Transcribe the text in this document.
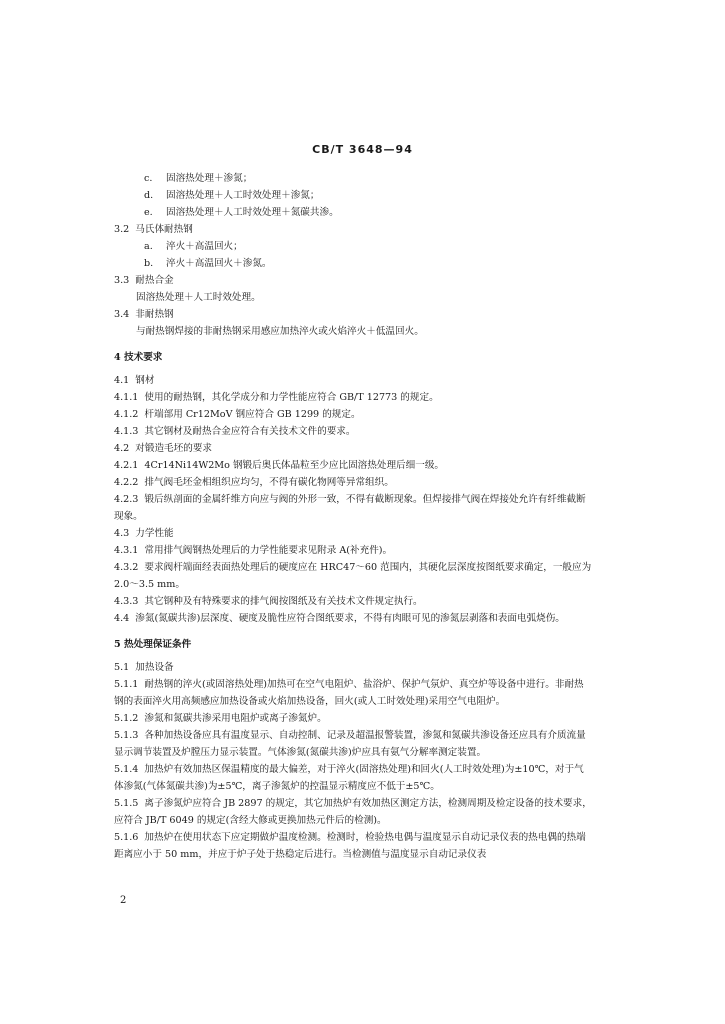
CB/T 3648—94
c. 固溶热处理＋渗氮；
d. 固溶热处理＋人工时效处理＋渗氮；
e. 固溶热处理＋人工时效处理＋氮碳共渗。
3.2 马氏体耐热钢
a. 淬火＋高温回火；
b. 淬火＋高温回火＋渗氮。
3.3 耐热合金
固溶热处理＋人工时效处理。
3.4 非耐热钢
与耐热钢焊接的非耐热钢采用感应加热淬火或火焰淬火＋低温回火。
4 技术要求
4.1 钢材
4.1.1 使用的耐热钢，其化学成分和力学性能应符合 GB/T 12773 的规定。
4.1.2 杆端部用 Cr12MoV 钢应符合 GB 1299 的规定。
4.1.3 其它钢材及耐热合金应符合有关技术文件的要求。
4.2 对锻造毛坯的要求
4.2.1 4Cr14Ni14W2Mo 钢锻后奥氏体晶粒至少应比固溶热处理后细一级。
4.2.2 排气阀毛坯金相组织应均匀，不得有碳化物网等异常组织。
4.2.3 锻后纵剖面的金属纤维方向应与阀的外形一致，不得有截断现象。但焊接排气阀在焊接处允许有纤维截断现象。
4.3 力学性能
4.3.1 常用排气阀钢热处理后的力学性能要求见附录 A(补充件)。
4.3.2 要求阀杆端面经表面热处理后的硬度应在 HRC47～60 范围内，其硬化层深度按图纸要求确定，一般应为 2.0～3.5 mm。
4.3.3 其它钢种及有特殊要求的排气阀按图纸及有关技术文件规定执行。
4.4 渗氮(氮碳共渗)层深度、硬度及脆性应符合图纸要求，不得有肉眼可见的渗氮层剥落和表面电弧烧伤。
5 热处理保证条件
5.1 加热设备
5.1.1 耐热钢的淬火(或固溶热处理)加热可在空气电阻炉、盐浴炉、保护气氛炉、真空炉等设备中进行。非耐热钢的表面淬火用高频感应加热设备或火焰加热设备，回火(或人工时效处理)采用空气电阻炉。
5.1.2 渗氮和氮碳共渗采用电阻炉或离子渗氮炉。
5.1.3 各种加热设备应具有温度显示、自动控制、记录及超温报警装置，渗氮和氮碳共渗设备还应具有介质流量显示调节装置及炉膛压力显示装置。气体渗氮(氮碳共渗)炉应具有氨气分解率测定装置。
5.1.4 加热炉有效加热区保温精度的最大偏差，对于淬火(固溶热处理)和回火(人工时效处理)为±10℃，对于气体渗氮(气体氮碳共渗)为±5℃，离子渗氮炉的控温显示精度应不低于±5℃。
5.1.5 离子渗氮炉应符合 JB 2897 的规定，其它加热炉有效加热区测定方法，检测周期及检定设备的技术要求，应符合 JB/T 6049 的规定(含经大修或更换加热元件后的检测)。
5.1.6 加热炉在使用状态下应定期做炉温度检测。检测时，检验热电偶与温度显示自动记录仪表的热电偶的热端距离应小于 50 mm，并应于炉子处于热稳定后进行。当检测值与温度显示自动记录仪表
2
